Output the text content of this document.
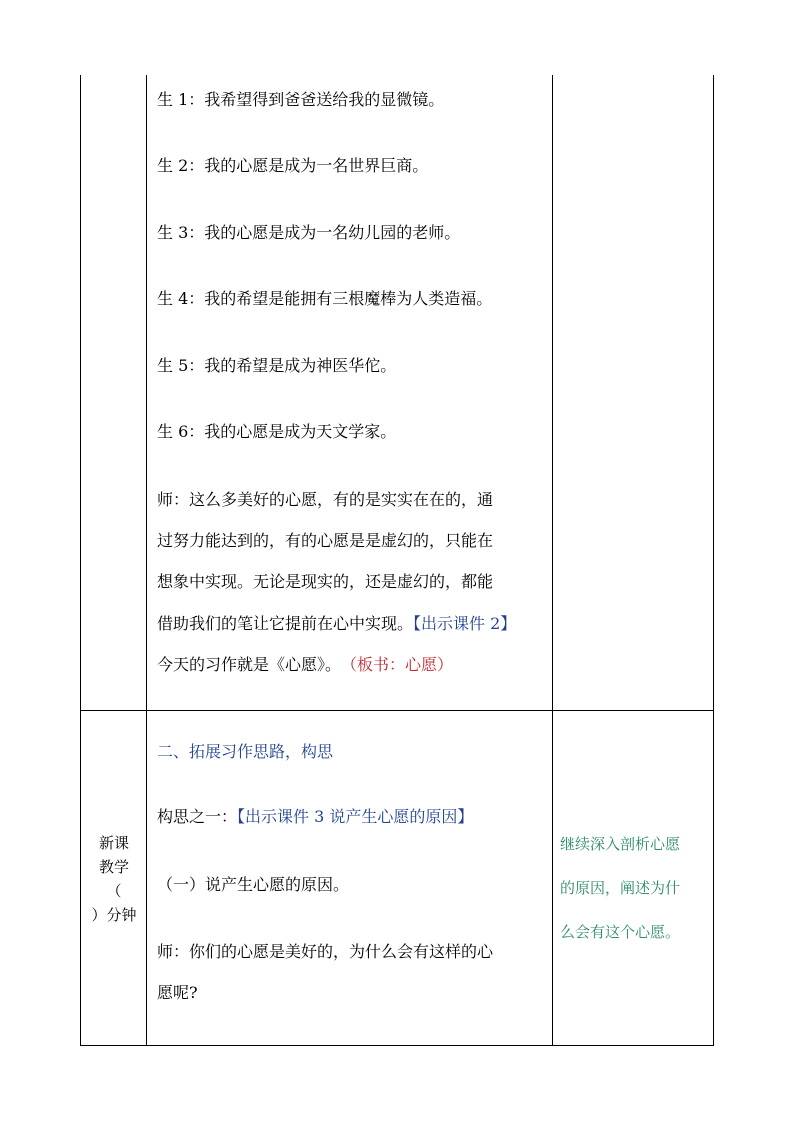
生 1：我希望得到爸爸送给我的显微镜。
生 2：我的心愿是成为一名世界巨商。
生 3：我的心愿是成为一名幼儿园的老师。
生 4：我的希望是能拥有三根魔棒为人类造福。
生 5：我的希望是成为神医华佗。
生 6：我的心愿是成为天文学家。
师：这么多美好的心愿，有的是实实在在的，通
过努力能达到的，有的心愿是是虚幻的，只能在
想象中实现。无论是现实的，还是虚幻的，都能
借助我们的笔让它提前在心中实现。【出示课件 2】
今天的习作就是《心愿》。 （板书：心愿）
新课
教学
（
）分钟
二、拓展习作思路，构思
构思之一：【出示课件 3 说产生心愿的原因】
（一）说产生心愿的原因。
师：你们的心愿是美好的，为什么会有这样的心
愿呢?
继续深入剖析心愿
的原因，阐述为什
么会有这个心愿。
